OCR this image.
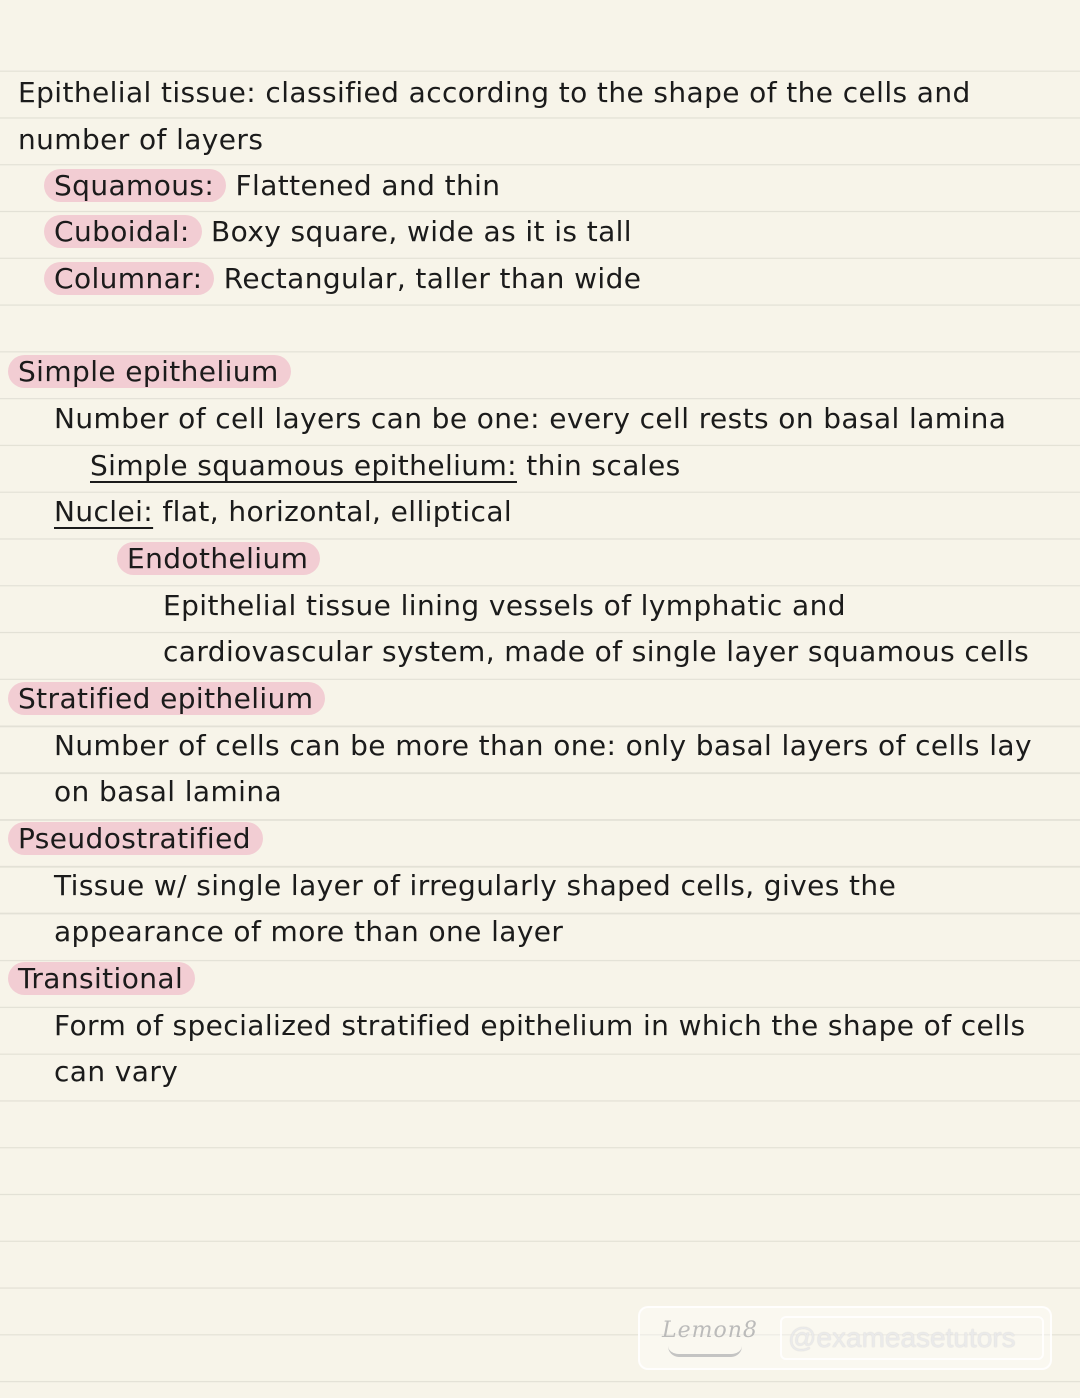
Epithelial tissue: classified according to the shape of the cells and
number of layers
Squamous: Flattened and thin
Cuboidal: Boxy square, wide as it is tall
Columnar: Rectangular, taller than wide
Simple epithelium
Number of cell layers can be one: every cell rests on basal lamina
Simple squamous epithelium: thin scales
Nuclei: flat, horizontal, elliptical
Endothelium
Epithelial tissue lining vessels of lymphatic and
cardiovascular system, made of single layer squamous cells
Stratified epithelium
Number of cells can be more than one: only basal layers of cells lay
on basal lamina
Pseudostratified
Tissue w/ single layer of irregularly shaped cells, gives the
appearance of more than one layer
Transitional
Form of specialized stratified epithelium in which the shape of cells
can vary
Lemon8 @exameasetutors
